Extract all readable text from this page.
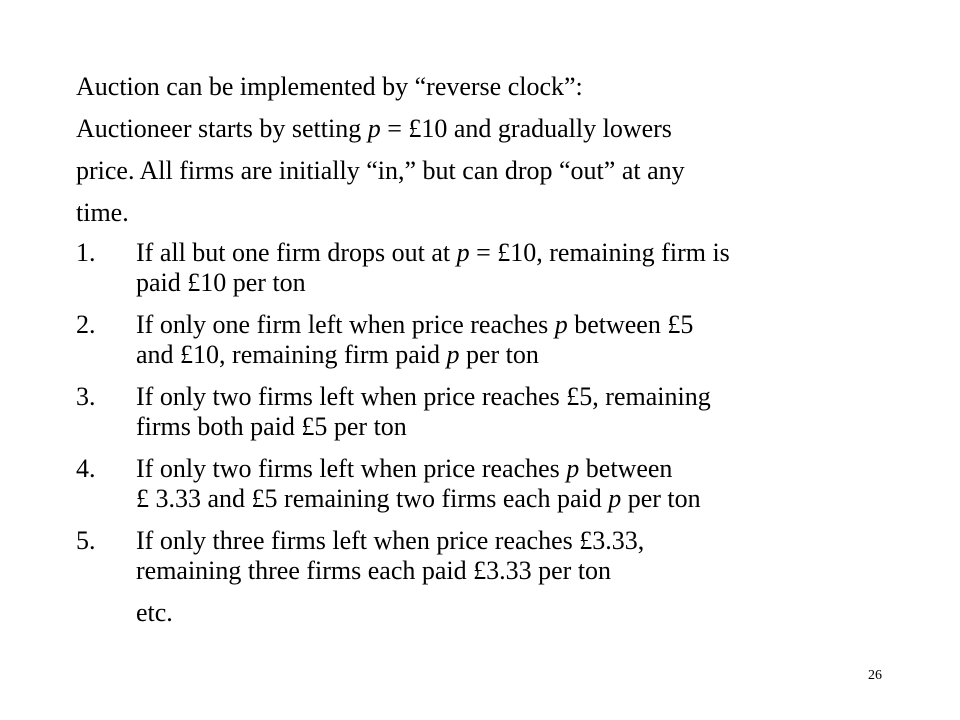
Auction can be implemented by “reverse clock”:

Auctioneer starts by setting p = £10 and gradually lowers

price. All firms are initially “in,” but can drop “out” at any

time.

1. If all but one firm drops out at p = £10, remaining firm is
paid £10 per ton
2. If only one firm left when price reaches p between £5
and £10, remaining firm paid p per ton
3. If only two firms left when price reaches £5, remaining
firms both paid £5 per ton
4. If only two firms left when price reaches p between
£ 3.33 and £5 remaining two firms each paid p per ton
5. If only three firms left when price reaches £3.33,
remaining three firms each paid £3.33 per ton
etc.
26
